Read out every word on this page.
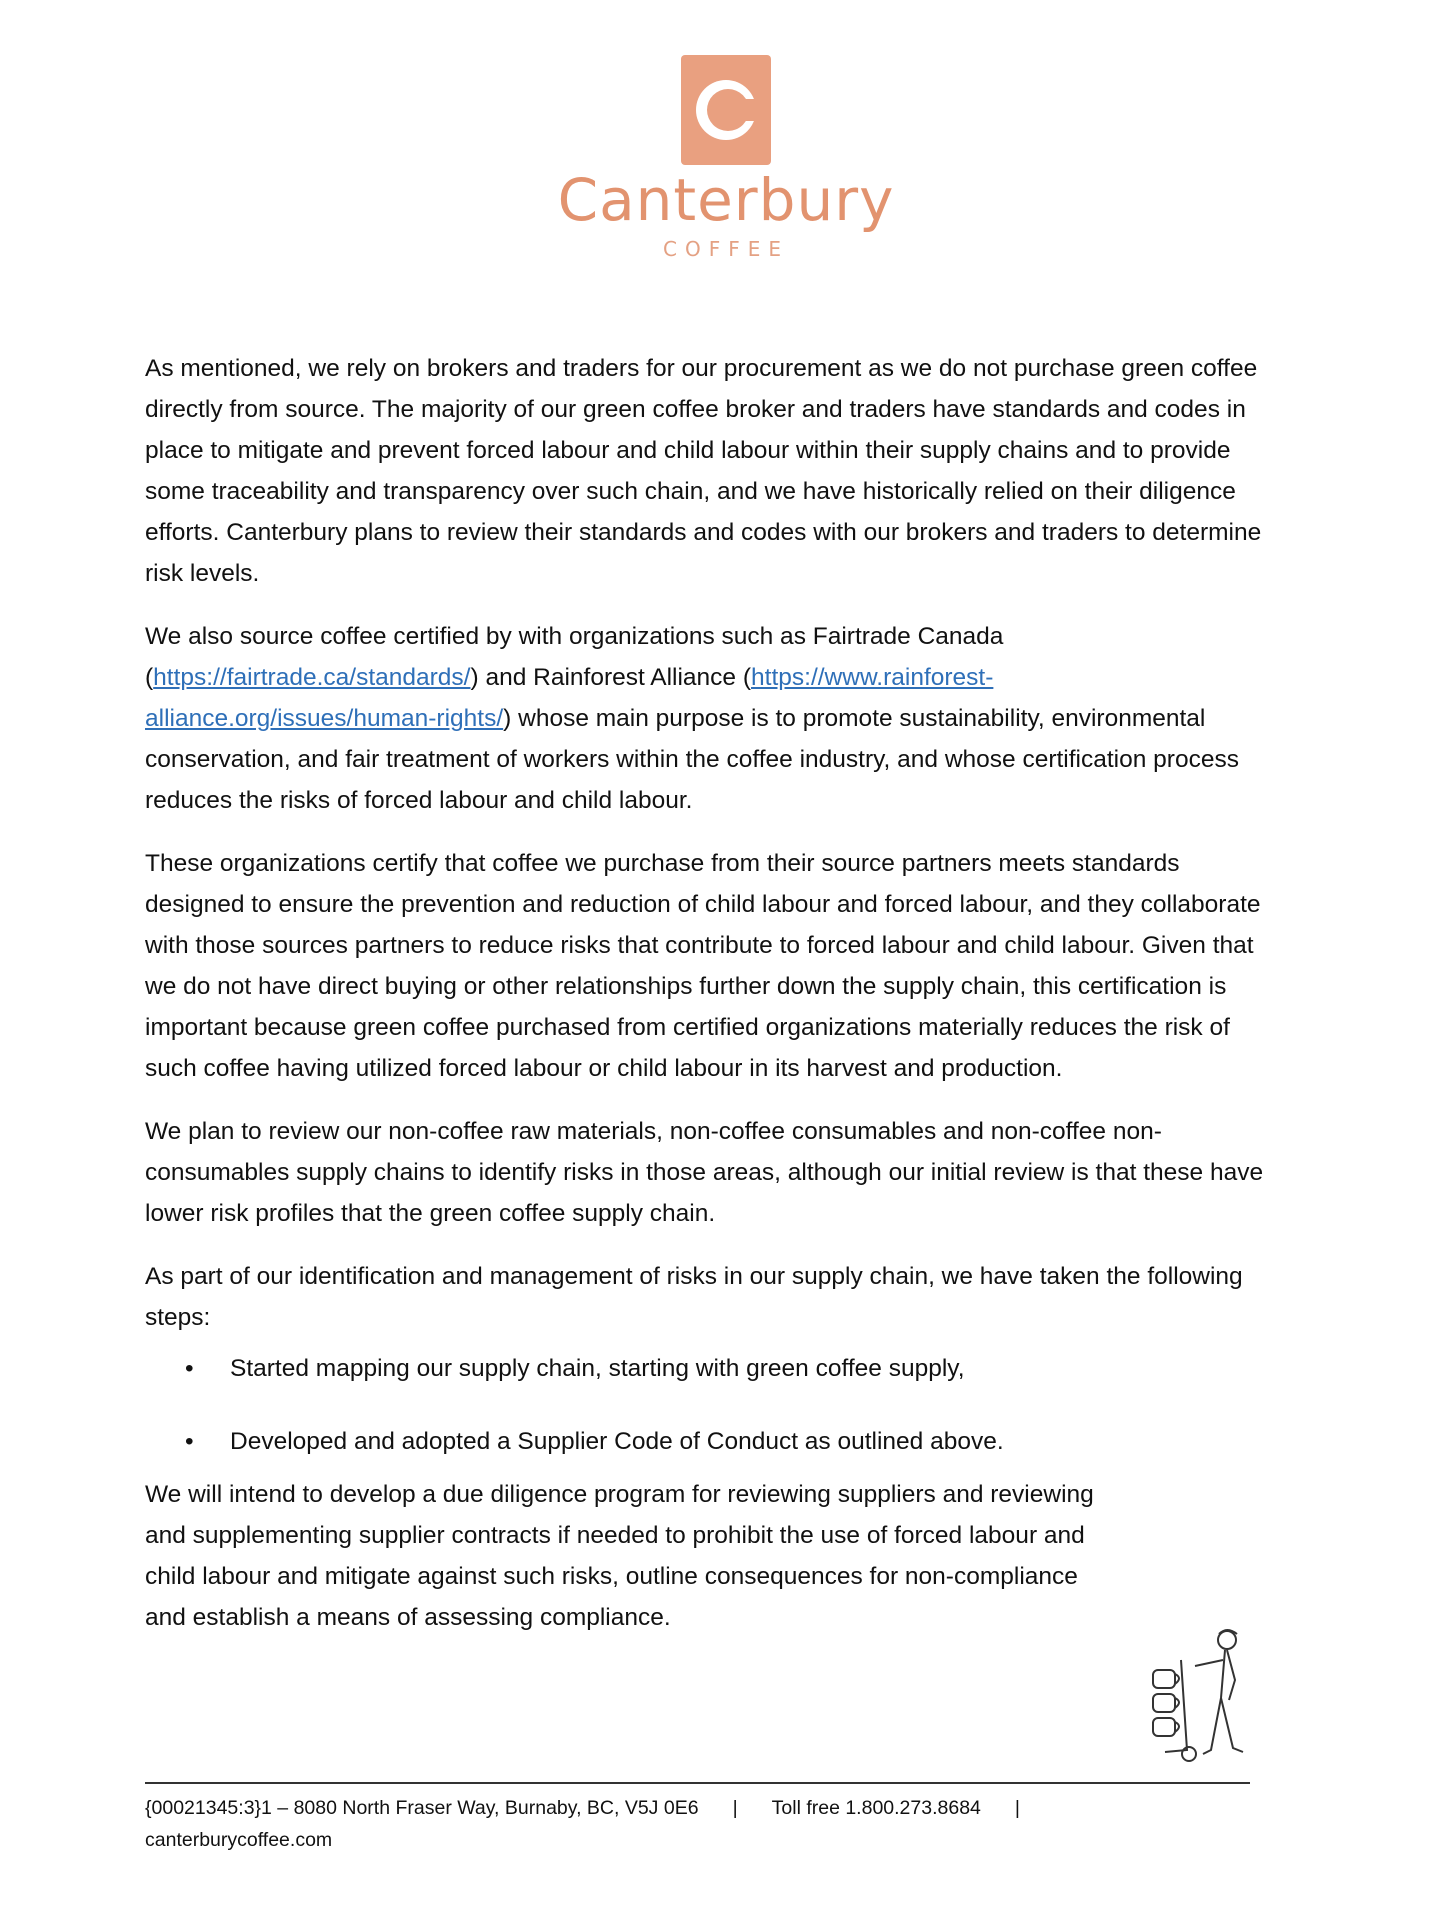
Canterbury
COFFEE

As mentioned, we rely on brokers and traders for our procurement as we do not purchase green coffee directly from source. The majority of our green coffee broker and traders have standards and codes in place to mitigate and prevent forced labour and child labour within their supply chains and to provide some traceability and transparency over such chain, and we have historically relied on their diligence efforts. Canterbury plans to review their standards and codes with our brokers and traders to determine risk levels.

We also source coffee certified by with organizations such as Fairtrade Canada (https://fairtrade.ca/standards/) and Rainforest Alliance (https://www.rainforest-alliance.org/issues/human-rights/) whose main purpose is to promote sustainability, environmental conservation, and fair treatment of workers within the coffee industry, and whose certification process reduces the risks of forced labour and child labour.

These organizations certify that coffee we purchase from their source partners meets standards designed to ensure the prevention and reduction of child labour and forced labour, and they collaborate with those sources partners to reduce risks that contribute to forced labour and child labour. Given that we do not have direct buying or other relationships further down the supply chain, this certification is important because green coffee purchased from certified organizations materially reduces the risk of such coffee having utilized forced labour or child labour in its harvest and production.

We plan to review our non-coffee raw materials, non-coffee consumables and non-coffee non-consumables supply chains to identify risks in those areas, although our initial review is that these have lower risk profiles that the green coffee supply chain.

As part of our identification and management of risks in our supply chain, we have taken the following steps:

• Started mapping our supply chain, starting with green coffee supply,
• Developed and adopted a Supplier Code of Conduct as outlined above.

We will intend to develop a due diligence program for reviewing suppliers and reviewing and supplementing supplier contracts if needed to prohibit the use of forced labour and child labour and mitigate against such risks, outline consequences for non-compliance and establish a means of assessing compliance.

{00021345:3}1 – 8080 North Fraser Way, Burnaby, BC, V5J 0E6 | Toll free 1.800.273.8684 |
canterburycoffee.com
